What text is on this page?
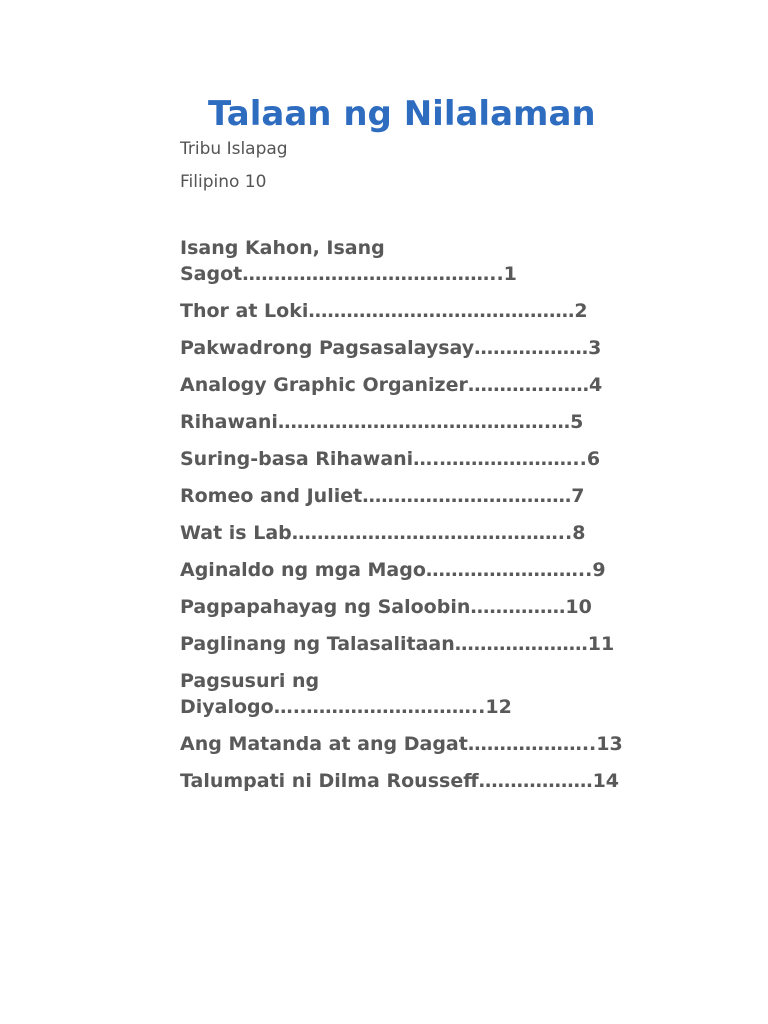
Talaan ng Nilalaman

Tribu Islapag

Filipino 10

Isang Kahon, Isang
Sagot…………………………………..1
Thor at Loki……………………………………2
Pakwadrong Pagsasalaysay………………3
Analogy Graphic Organizer………….……4
Rihawani…………………………………….…5
Suring-basa Rihawani….…………………..6
Romeo and Juliet……………………………7
Wat is Lab……………………………………..8
Aginaldo ng mga Mago……………………..9
Pagpapahayag ng Saloobin……………10
Paglinang ng Talasalitaan…………………11
Pagsusuri ng
Diyalogo….………………………..12
Ang Matanda at ang Dagat………………..13
Talumpati ni Dilma Rousseff………………14
